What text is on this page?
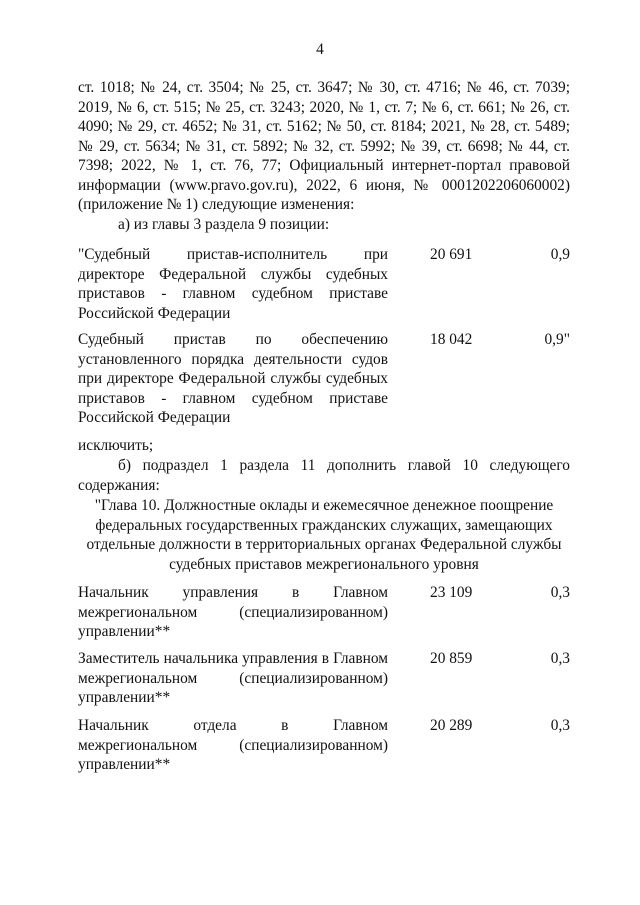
4
ст. 1018; № 24, ст. 3504; № 25, ст. 3647; № 30, ст. 4716; № 46, ст. 7039; 2019, № 6, ст. 515; № 25, ст. 3243; 2020, № 1, ст. 7; № 6, ст. 661; № 26, ст. 4090; № 29, ст. 4652; № 31, ст. 5162; № 50, ст. 8184; 2021, № 28, ст. 5489; № 29, ст. 5634; № 31, ст. 5892; № 32, ст. 5992; № 39, ст. 6698; № 44, ст. 7398; 2022, № 1, ст. 76, 77; Официальный интернет-портал правовой информации (www.pravo.gov.ru), 2022, 6 июня, № 0001202206060002) (приложение № 1) следующие изменения:
а) из главы 3 раздела 9 позиции:
"Судебный пристав-исполнитель при директоре Федеральной службы судебных приставов - главном судебном приставе Российской Федерации
20 691	0,9
Судебный пристав по обеспечению установленного порядка деятельности судов при директоре Федеральной службы судебных приставов - главном судебном приставе Российской Федерации
18 042	0,9"
исключить;
б) подраздел 1 раздела 11 дополнить главой 10 следующего содержания:
"Глава 10. Должностные оклады и ежемесячное денежное поощрение федеральных государственных гражданских служащих, замещающих отдельные должности в территориальных органах Федеральной службы судебных приставов межрегионального уровня
Начальник управления в Главном межрегиональном (специализированном) управлении**
23 109	0,3
Заместитель начальника управления в Главном межрегиональном (специализированном) управлении**
20 859	0,3
Начальник отдела в Главном межрегиональном (специализированном) управлении**
20 289	0,3
